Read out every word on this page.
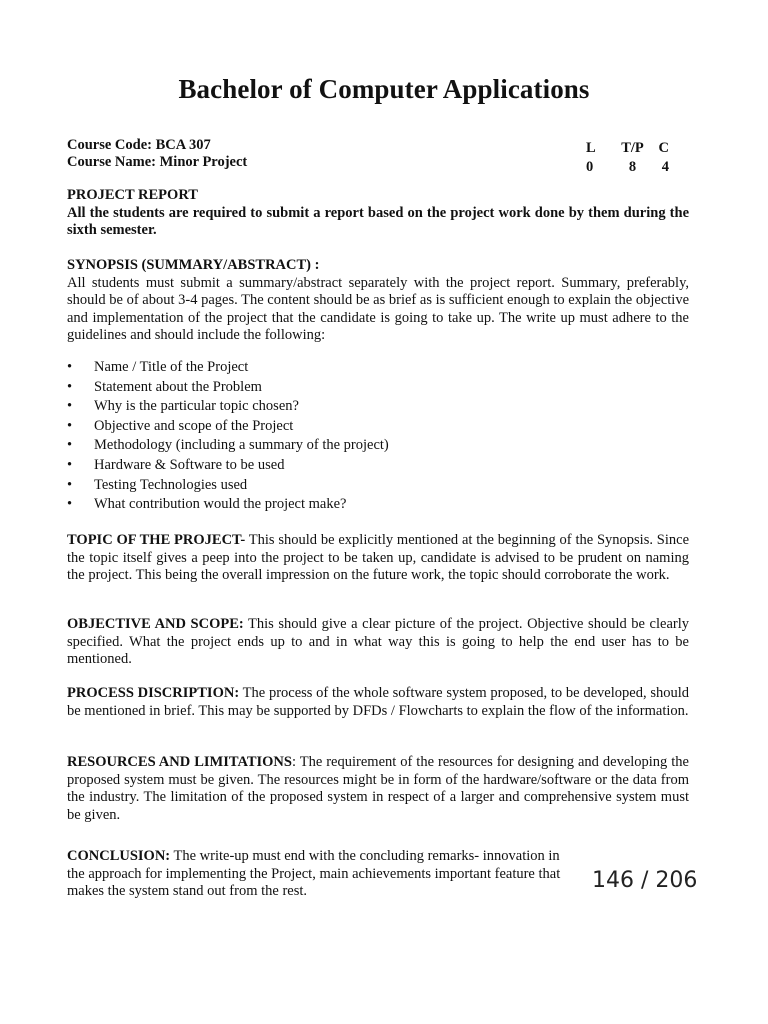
Bachelor of Computer Applications
Course Code: BCA 307
Course Name: Minor Project
L	T/P	C
0	8	4
PROJECT REPORT
All the students are required to submit a report based on the project work done by them during the sixth semester.
SYNOPSIS (SUMMARY/ABSTRACT) :
All students must submit a summary/abstract separately with the project report. Summary, preferably, should be of about 3-4 pages. The content should be as brief as is sufficient enough to explain the objective and implementation of the project that the candidate is going to take up. The write up must adhere to the guidelines and should include the following:
• Name / Title of the Project
• Statement about the Problem
• Why is the particular topic chosen?
• Objective and scope of the Project
• Methodology (including a summary of the project)
• Hardware & Software to be used
• Testing Technologies used
• What contribution would the project make?
TOPIC OF THE PROJECT- This should be explicitly mentioned at the beginning of the Synopsis. Since the topic itself gives a peep into the project to be taken up, candidate is advised to be prudent on naming the project. This being the overall impression on the future work, the topic should corroborate the work.
OBJECTIVE AND SCOPE: This should give a clear picture of the project. Objective should be clearly specified. What the project ends up to and in what way this is going to help the end user has to be mentioned.
PROCESS DISCRIPTION: The process of the whole software system proposed, to be developed, should be mentioned in brief. This may be supported by DFDs / Flowcharts to explain the flow of the information.
RESOURCES AND LIMITATIONS: The requirement of the resources for designing and developing the proposed system must be given. The resources might be in form of the hardware/software or the data from the industry. The limitation of the proposed system in respect of a larger and comprehensive system must be given.
CONCLUSION: The write-up must end with the concluding remarks- innovation in the approach for implementing the Project, main achievements important feature that makes the system stand out from the rest.	146 / 206
